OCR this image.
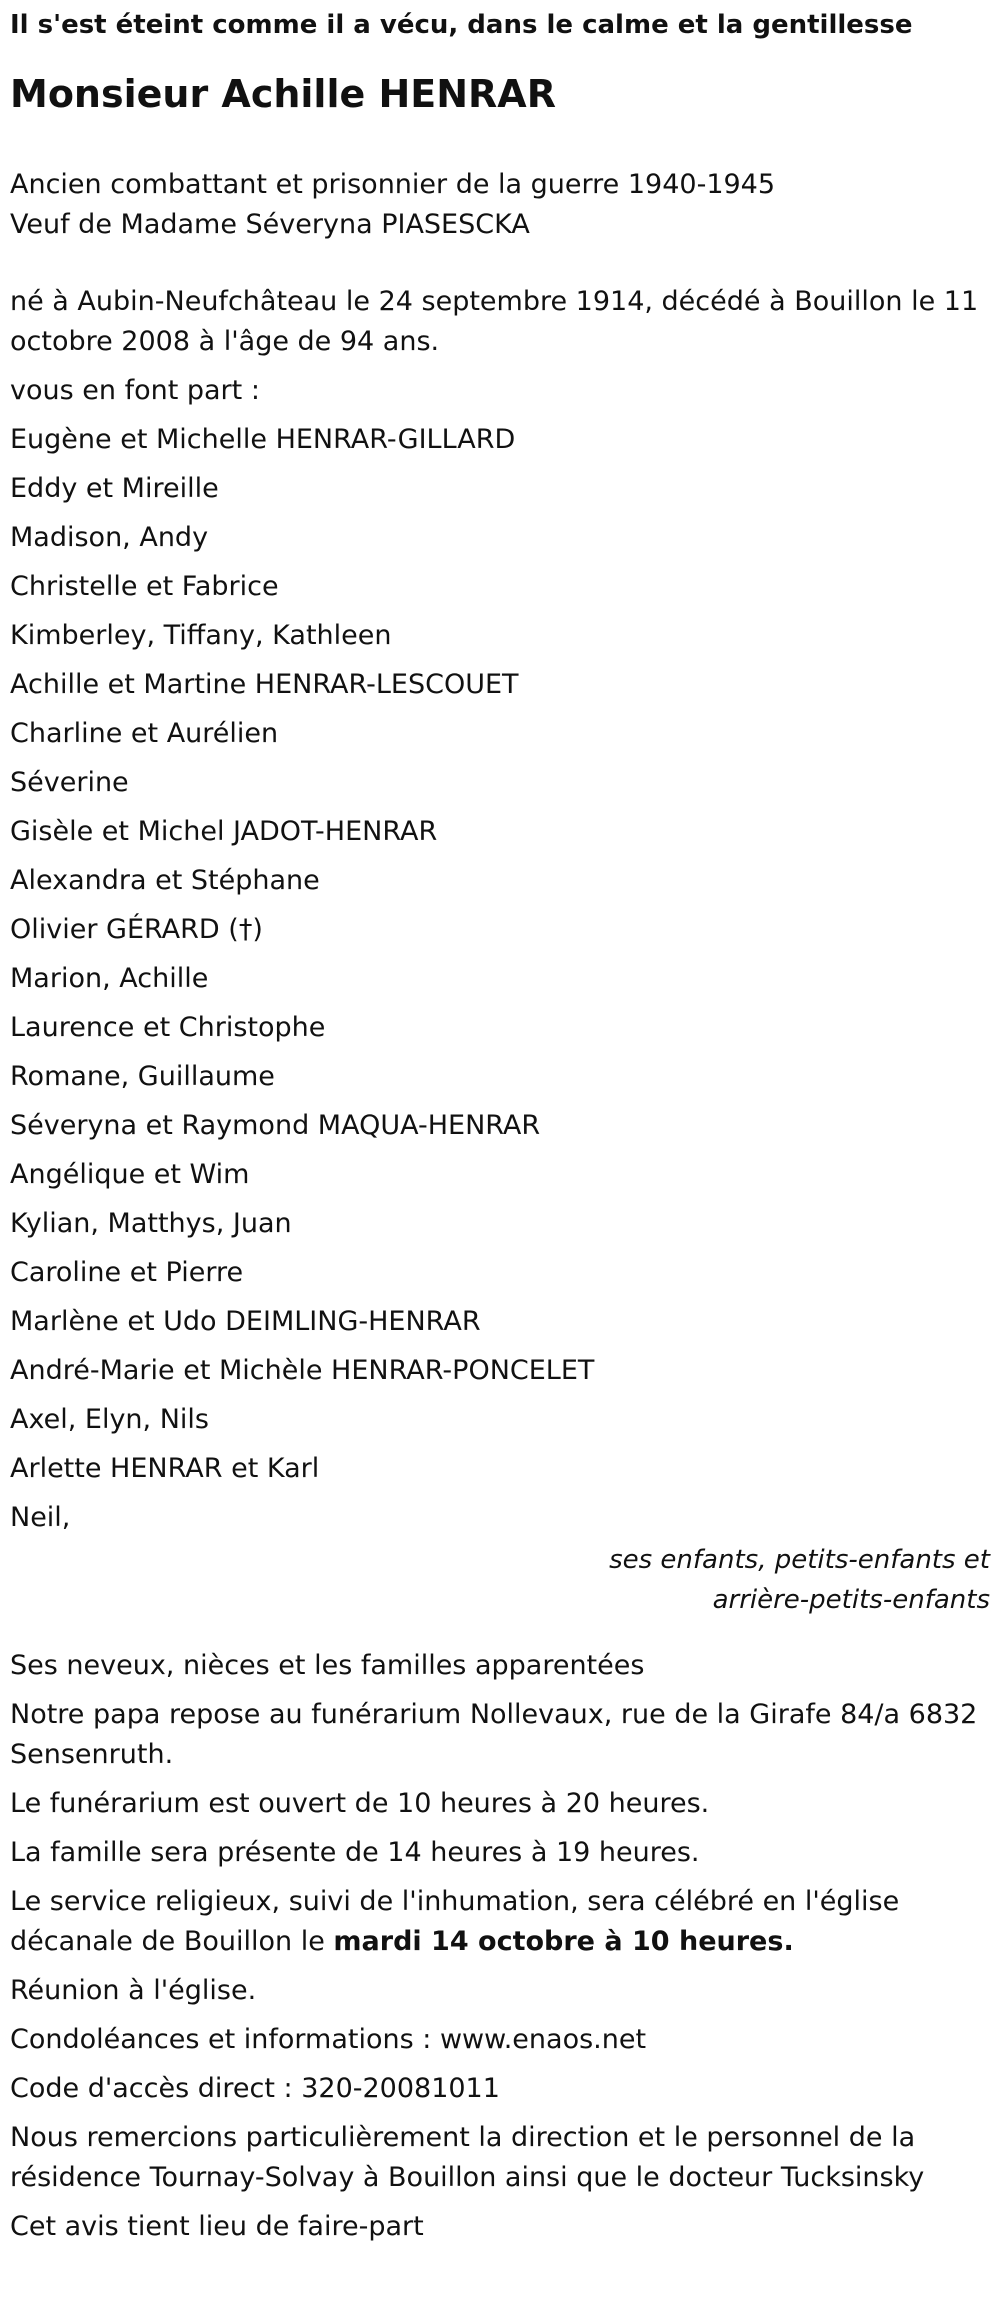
Il s'est éteint comme il a vécu, dans le calme et la gentillesse

Monsieur Achille HENRAR

Ancien combattant et prisonnier de la guerre 1940-1945

Veuf de Madame Séveryna PIASESCKA

né à Aubin-Neufchâteau le 24 septembre 1914, décédé à Bouillon le 11 octobre 2008 à l'âge de 94 ans.

vous en font part :

Eugène et Michelle HENRAR-GILLARD

Eddy et Mireille

Madison, Andy

Christelle et Fabrice

Kimberley, Tiffany, Kathleen

Achille et Martine HENRAR-LESCOUET

Charline et Aurélien

Séverine

Gisèle et Michel JADOT-HENRAR

Alexandra et Stéphane

Olivier GÉRARD (†)

Marion, Achille

Laurence et Christophe

Romane, Guillaume

Séveryna et Raymond MAQUA-HENRAR

Angélique et Wim

Kylian, Matthys, Juan

Caroline et Pierre

Marlène et Udo DEIMLING-HENRAR

André-Marie et Michèle HENRAR-PONCELET

Axel, Elyn, Nils

Arlette HENRAR et Karl

Neil,

ses enfants, petits-enfants et arrière-petits-enfants

Ses neveux, nièces et les familles apparentées

Notre papa repose au funérarium Nollevaux, rue de la Girafe 84/a 6832 Sensenruth.

Le funérarium est ouvert de 10 heures à 20 heures.

La famille sera présente de 14 heures à 19 heures.

Le service religieux, suivi de l'inhumation, sera célébré en l'église décanale de Bouillon le mardi 14 octobre à 10 heures.

Réunion à l'église.

Condoléances et informations : www.enaos.net

Code d'accès direct : 320-20081011

Nous remercions particulièrement la direction et le personnel de la résidence Tournay-Solvay à Bouillon ainsi que le docteur Tucksinsky

Cet avis tient lieu de faire-part
